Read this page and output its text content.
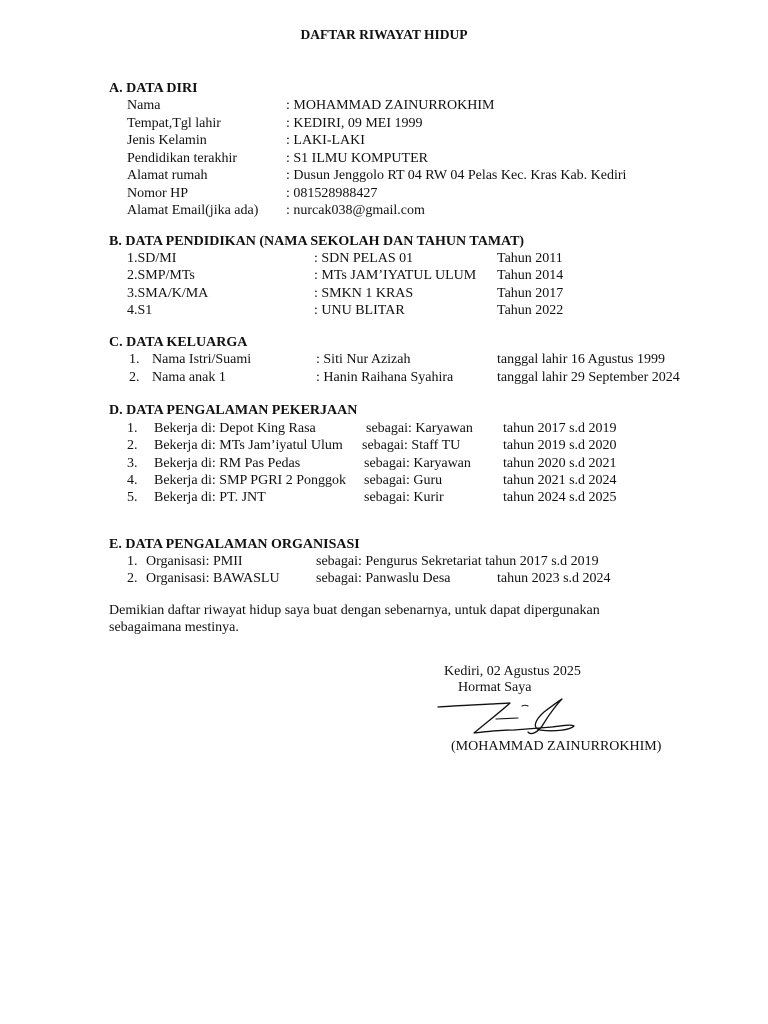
DAFTAR RIWAYAT HIDUP
A. DATA DIRI
Nama	: MOHAMMAD ZAINURROKHIM
Tempat,Tgl lahir	: KEDIRI, 09 MEI 1999
Jenis Kelamin	: LAKI-LAKI
Pendidikan terakhir	: S1 ILMU KOMPUTER
Alamat rumah	: Dusun Jenggolo RT 04 RW 04 Pelas Kec. Kras Kab. Kediri
Nomor HP	: 081528988427
Alamat Email(jika ada) : nurcak038@gmail.com
B. DATA PENDIDIKAN (NAMA SEKOLAH DAN TAHUN TAMAT)
1.SD/MI	: SDN PELAS 01	Tahun 2011
2.SMP/MTs	: MTs JAM’IYATUL ULUM Tahun 2014
3.SMA/K/MA	: SMKN 1 KRAS	Tahun 2017
4.S1	: UNU BLITAR	Tahun 2022
C. DATA KELUARGA
1. Nama Istri/Suami	: Siti Nur Azizah	tanggal lahir 16 Agustus 1999
2. Nama anak 1	: Hanin Raihana Syahira	tanggal lahir 29 September 2024
D. DATA PENGALAMAN PEKERJAAN
1. Bekerja di: Depot King Rasa	sebagai: Karyawan tahun 2017 s.d 2019
2. Bekerja di: MTs Jam’iyatul Ulum sebagai: Staff TU	tahun 2019 s.d 2020
3. Bekerja di: RM Pas Pedas	sebagai: Karyawan tahun 2020 s.d 2021
4. Bekerja di: SMP PGRI 2 Ponggok sebagai: Guru	tahun 2021 s.d 2024
5. Bekerja di: PT. JNT	sebagai: Kurir	tahun 2024 s.d 2025
E. DATA PENGALAMAN ORGANISASI
1. Organisasi: PMII	sebagai: Pengurus Sekretariat tahun 2017 s.d 2019
2. Organisasi: BAWASLU	sebagai: Panwaslu Desa	tahun 2023 s.d 2024
Demikian daftar riwayat hidup saya buat dengan sebenarnya, untuk dapat dipergunakan sebagaimana mestinya.
Kediri, 02 Agustus 2025
Hormat Saya
(MOHAMMAD ZAINURROKHIM)
